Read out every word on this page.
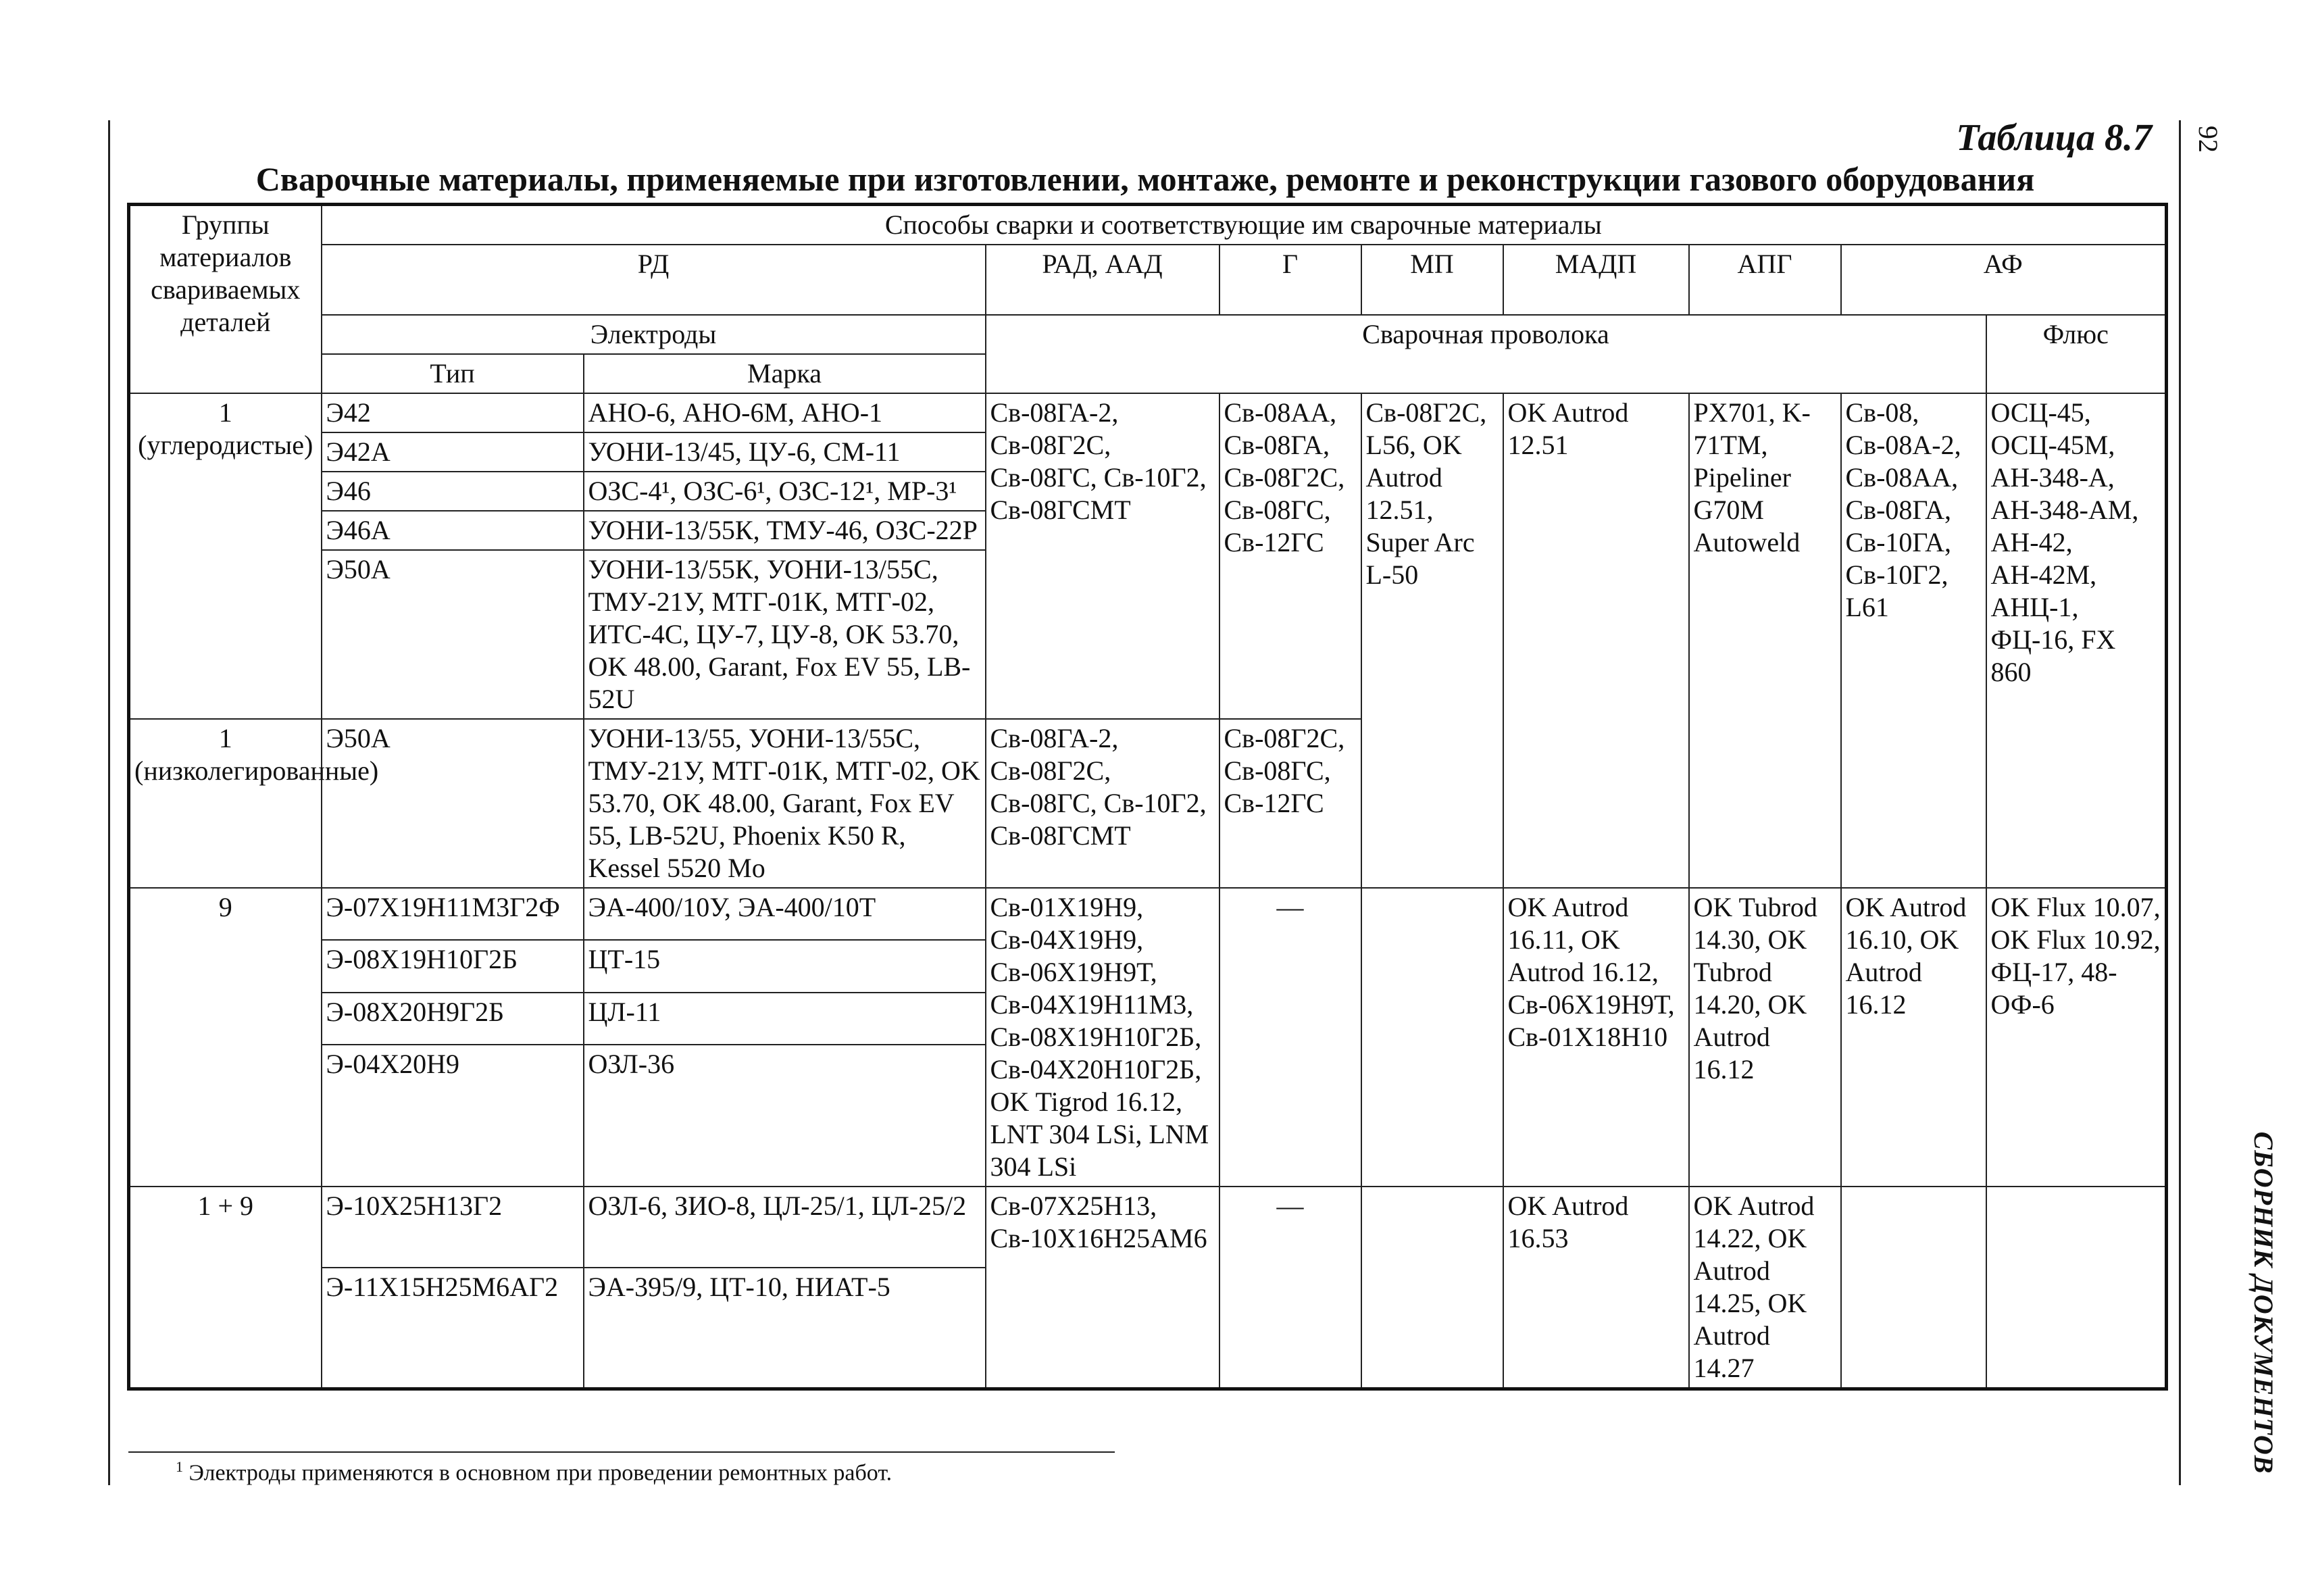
92
СБОРНИК ДОКУМЕНТОВ
Таблица 8.7
Сварочные материалы, применяемые при изготовлении, монтаже, ремонте и реконструкции газового оборудования
Группы материалов свариваемых деталей	Способы сварки и соответствующие им сварочные материалы								
	РД		РАД, ААД	Г	МП	МАДП	АПГ	АФ	
	Электроды		Сварочная проволока						Флюс
	Тип	Марка							
1 (углеродистые)	Э42	АНО-6, АНО-6М, АНО-1	Св-08ГА-2, Св-08Г2С, Св-08ГС, Св-10Г2, Св-08ГСМТ	Св-08АА, Св-08ГА, Св-08Г2С, Св-08ГС, Св-12ГС	Св-08Г2С, L56, OK Autrod 12.51, Super Arc L-50	OK Autrod 12.51	PX701, K-71TM, Pipeliner G70M Autoweld	Св-08, Св-08А-2, Св-08АА, Св-08ГА, Св-10ГА, Св-10Г2, L61	ОСЦ-45, ОСЦ-45М, АН-348-А, АН-348-АМ, АН-42, АН-42М, АНЦ-1, ФЦ-16, FX 860
	Э42А	УОНИ-13/45, ЦУ-6, СМ-11							
	Э46	ОЗС-4¹, ОЗС-6¹, ОЗС-12¹, МР-3¹							
	Э46А	УОНИ-13/55К, ТМУ-46, ОЗС-22Р							
	Э50А	УОНИ-13/55К, УОНИ-13/55С, ТМУ-21У, МТГ-01К, МТГ-02, ИТС-4С, ЦУ-7, ЦУ-8, OK 53.70, OK 48.00, Garant, Fox EV 55, LB-52U							
1 (низколегированные)	Э50А	УОНИ-13/55, УОНИ-13/55С, ТМУ-21У, МТГ-01К, МТГ-02, OK 53.70, OK 48.00, Garant, Fox EV 55, LB-52U, Phoenix K50 R, Kessel 5520 Mo	Св-08ГА-2, Св-08Г2С, Св-08ГС, Св-10Г2, Св-08ГСМТ	Св-08Г2С, Св-08ГС, Св-12ГС					
9	Э-07Х19Н11М3Г2Ф	ЭА-400/10У, ЭА-400/10Т	Св-01Х19Н9, Св-04Х19Н9, Св-06Х19Н9Т, Св-04Х19Н11М3, Св-08Х19Н10Г2Б, Св-04Х20Н10Г2Б, OK Tigrod 16.12, LNT 304 LSi, LNM 304 LSi	—		OK Autrod 16.11, OK Autrod 16.12, Св-06Х19Н9Т, Св-01Х18Н10	OK Tubrod 14.30, OK Tubrod 14.20, OK Autrod 16.12	OK Autrod 16.10, OK Autrod 16.12	OK Flux 10.07, OK Flux 10.92, ФЦ-17, 48-ОФ-6
	Э-08Х19Н10Г2Б	ЦТ-15							
	Э-08Х20Н9Г2Б	ЦЛ-11							
	Э-04Х20Н9	ОЗЛ-36							
1 + 9	Э-10Х25Н13Г2	ОЗЛ-6, ЗИО-8, ЦЛ-25/1, ЦЛ-25/2	Св-07Х25Н13, Св-10Х16Н25АМ6	—		OK Autrod 16.53	OK Autrod 14.22, OK Autrod 14.25, OK Autrod 14.27		
	Э-11Х15Н25М6АГ2	ЭА-395/9, ЦТ-10, НИАТ-5							
$^1$ Электроды применяются в основном при проведении ремонтных работ.
